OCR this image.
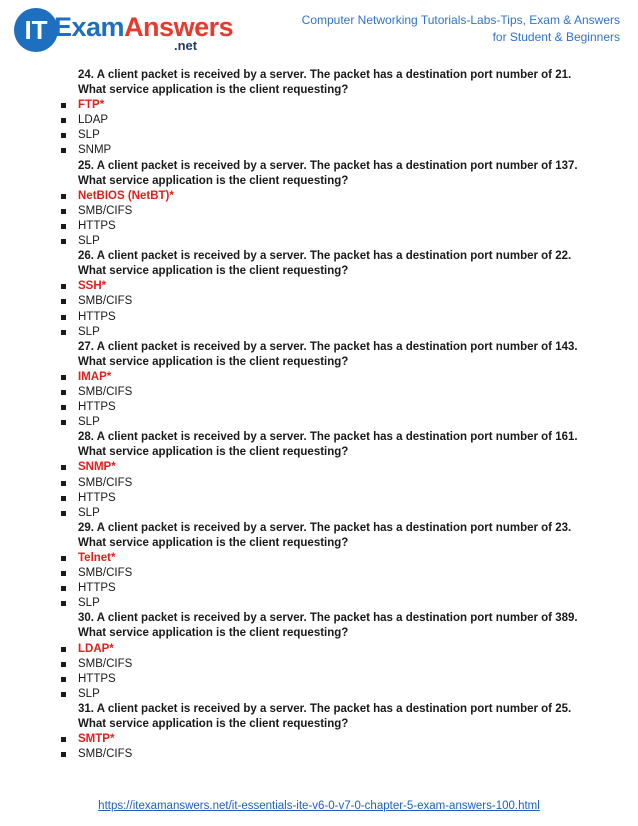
IT ExamAnswers
.net
Computer Networking Tutorials-Labs-Tips, Exam & Answers
for Student & Beginners
24. A client packet is received by a server. The packet has a destination port number of 21.
What service application is the client requesting?
FTP*
LDAP
SLP
SNMP
25. A client packet is received by a server. The packet has a destination port number of 137.
What service application is the client requesting?
NetBIOS (NetBT)*
SMB/CIFS
HTTPS
SLP
26. A client packet is received by a server. The packet has a destination port number of 22.
What service application is the client requesting?
SSH*
SMB/CIFS
HTTPS
SLP
27. A client packet is received by a server. The packet has a destination port number of 143.
What service application is the client requesting?
IMAP*
SMB/CIFS
HTTPS
SLP
28. A client packet is received by a server. The packet has a destination port number of 161.
What service application is the client requesting?
SNMP*
SMB/CIFS
HTTPS
SLP
29. A client packet is received by a server. The packet has a destination port number of 23.
What service application is the client requesting?
Telnet*
SMB/CIFS
HTTPS
SLP
30. A client packet is received by a server. The packet has a destination port number of 389.
What service application is the client requesting?
LDAP*
SMB/CIFS
HTTPS
SLP
31. A client packet is received by a server. The packet has a destination port number of 25.
What service application is the client requesting?
SMTP*
SMB/CIFS
https://itexamanswers.net/it-essentials-ite-v6-0-v7-0-chapter-5-exam-answers-100.html
